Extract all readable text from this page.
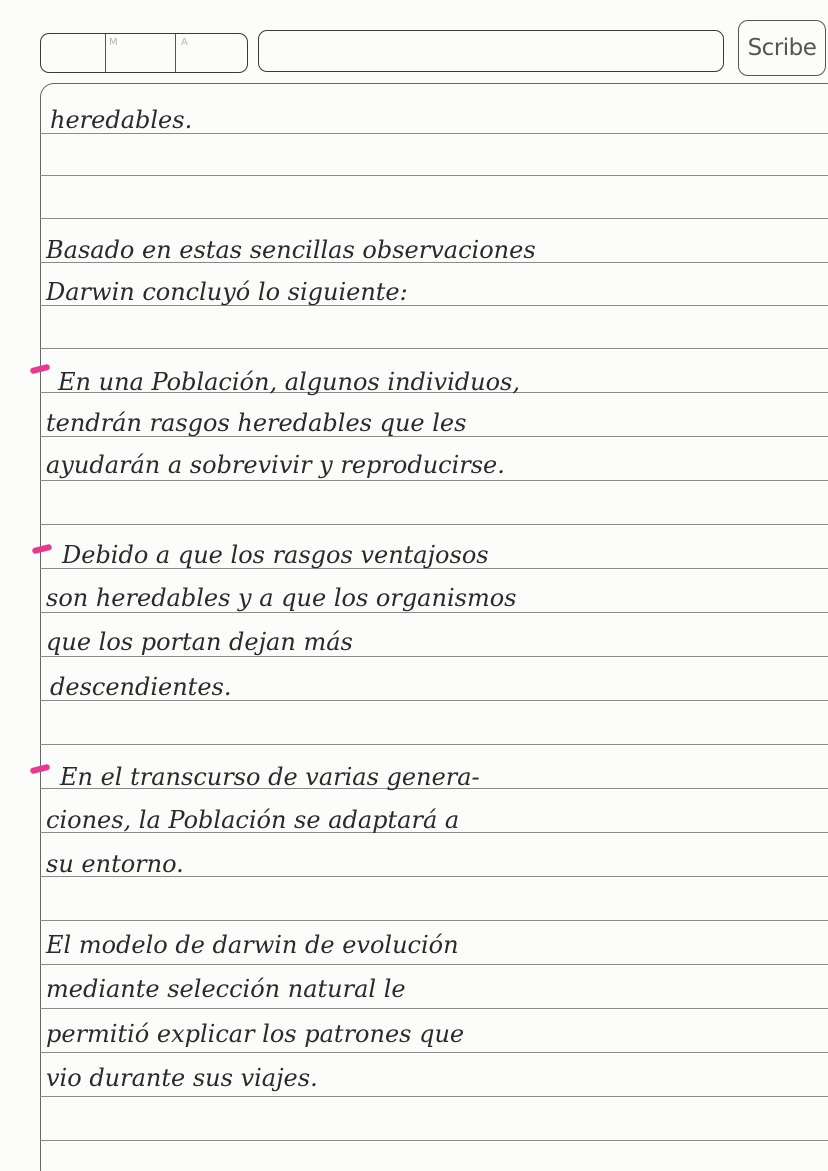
M	A	Scribe

heredables.

Basado en estas sencillas observaciones

Darwin concluyó lo siguiente:

En una Población, algunos individuos,

tendrán rasgos heredables que les

ayudarán a sobrevivir y reproducirse.

Debido a que los rasgos ventajosos

son heredables y a que los organismos

que los portan dejan más

descendientes.

En el transcurso de varias genera-

ciones, la Población se adaptará a

su entorno.

El modelo de darwin de evolución

mediante selección natural le

permitió explicar los patrones que

vio durante sus viajes.
